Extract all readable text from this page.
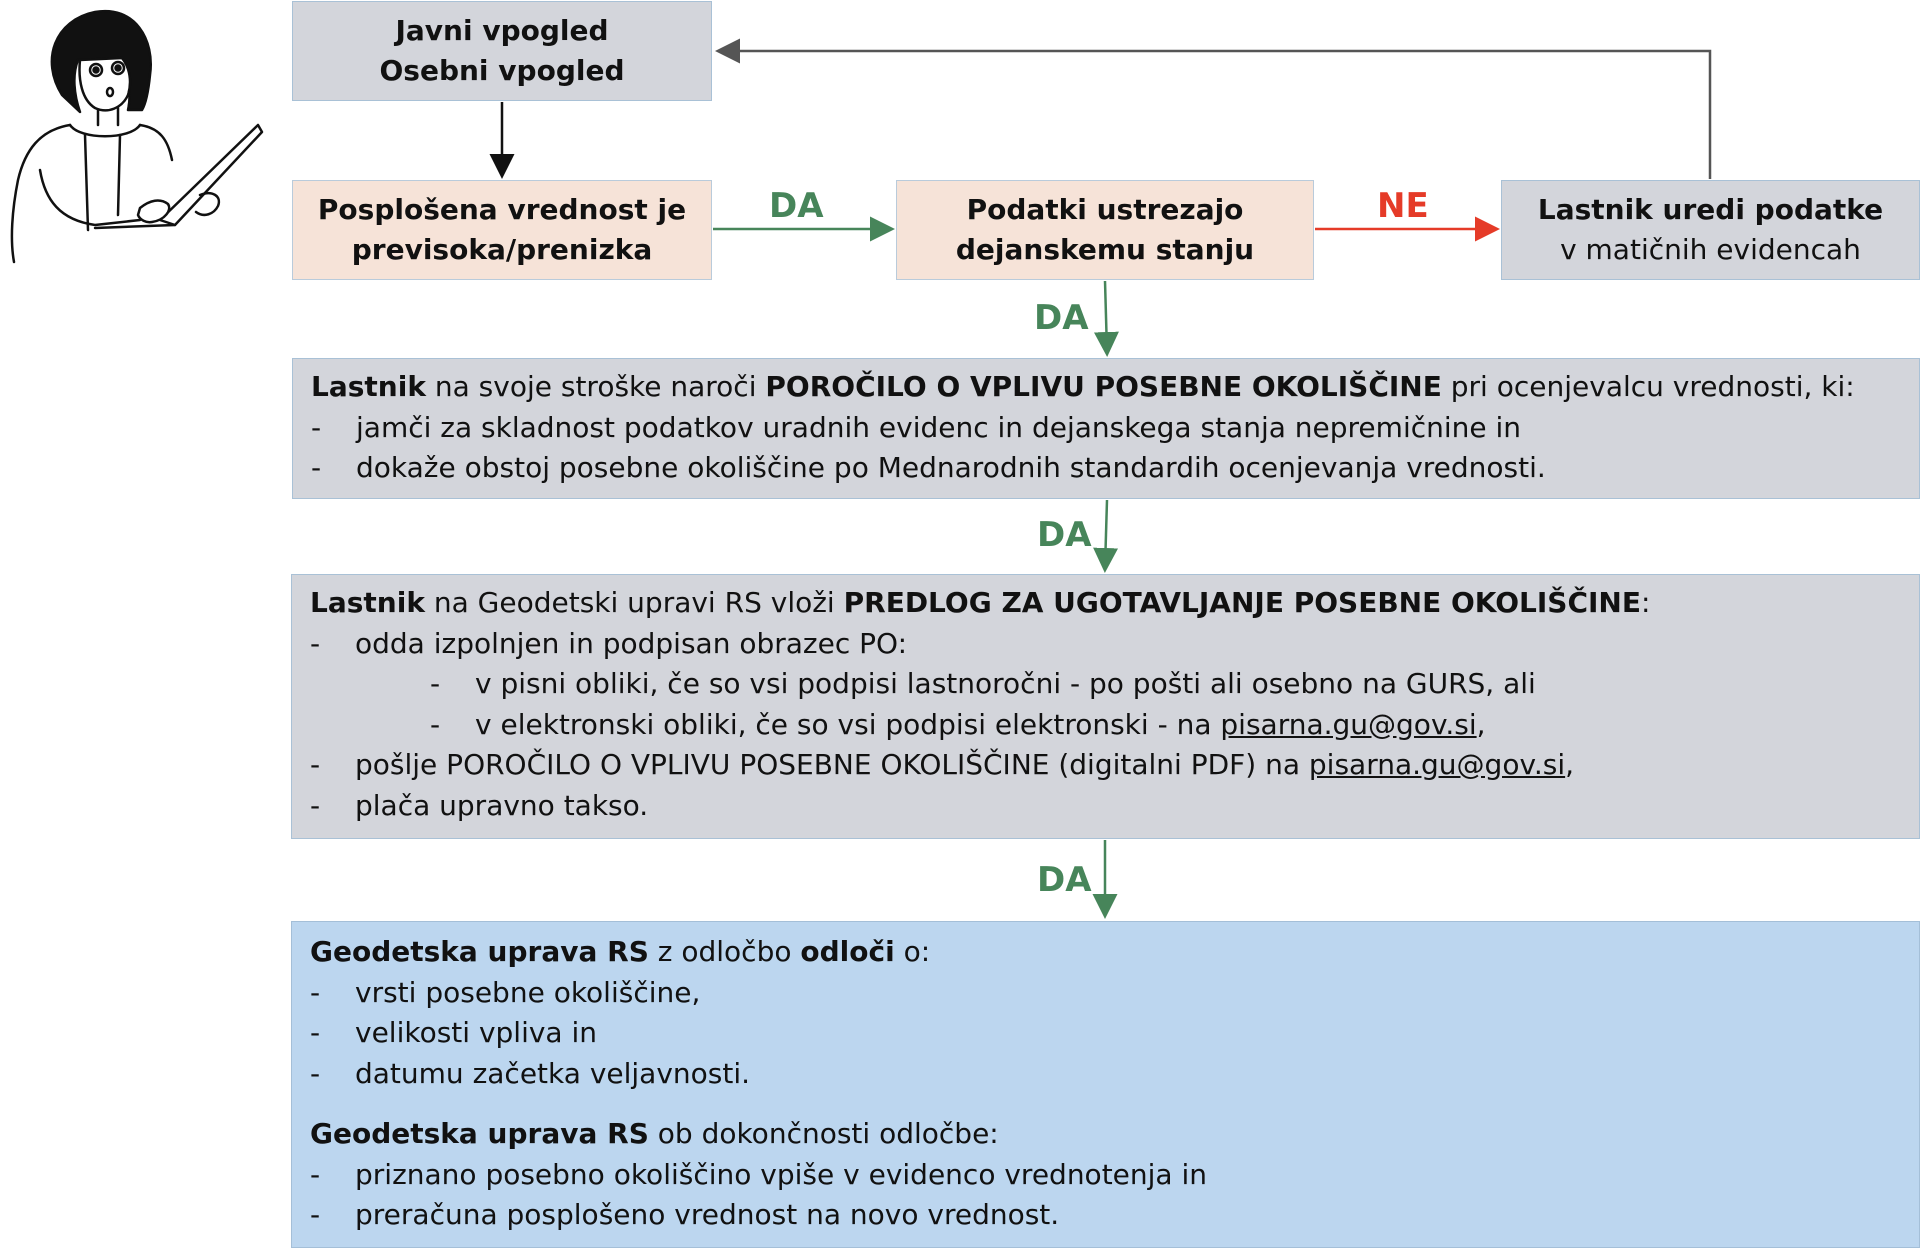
Javni vpogled
Osebni vpogled
Posplošena vrednost je
previsoka/prenizka
Podatki ustrezajo
dejanskemu stanju
Lastnik uredi podatke
v matičnih evidencah
DA	NE
DA
DA
DA
Lastnik na svoje stroške naroči POROČILO O VPLIVU POSEBNE OKOLIŠČINE pri ocenjevalcu vrednosti, ki:
-	jamči za skladnost podatkov uradnih evidenc in dejanskega stanja nepremičnine in
-	dokaže obstoj posebne okoliščine po Mednarodnih standardih ocenjevanja vrednosti.
Lastnik na Geodetski upravi RS vloži PREDLOG ZA UGOTAVLJANJE POSEBNE OKOLIŠČINE :
-	odda izpolnjen in podpisan obrazec PO:
-	v pisni obliki, če so vsi podpisi lastnoročni - po pošti ali osebno na GURS, ali
-	v elektronski obliki, če so vsi podpisi elektronski - na pisarna.gu@gov.si ,
-	pošlje POROČILO O VPLIVU POSEBNE OKOLIŠČINE (digitalni PDF) na pisarna.gu@gov.si ,
-	plača upravno takso.
Geodetska uprava RS z odločbo odloči o:
-	vrsti posebne okoliščine,
-	velikosti vpliva in
-	datumu začetka veljavnosti.
Geodetska uprava RS ob dokončnosti odločbe:
-	priznano posebno okoliščino vpiše v evidenco vrednotenja in
-	preračuna posplošeno vrednost na novo vrednost.
